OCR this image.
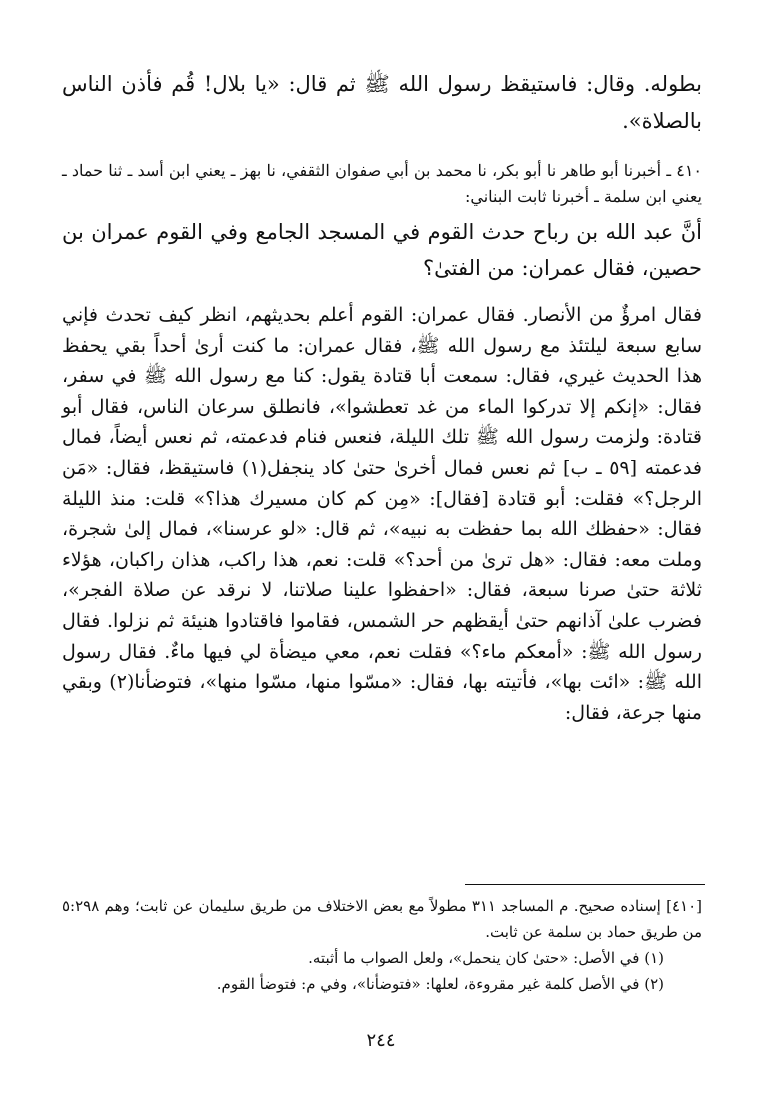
بطوله. وقال: فاستيقظ رسول الله ﷺ ثم قال: «يا بلال! قُم فأذن الناس بالصلاة».

٤١٠ ـ أخبرنا أبو طاهر نا أبو بكر، نا محمد بن أبي صفوان الثقفي، نا بهز ـ يعني ابن أسد ـ ثنا حماد ـ يعني ابن سلمة ـ أخبرنا ثابت البناني:

أنَّ عبد الله بن رباح حدث القوم في المسجد الجامع وفي القوم عمران بن حصين، فقال عمران: من الفتىٰ؟

فقال امرؤٌ من الأنصار. فقال عمران: القوم أعلم بحديثهم، انظر كيف تحدث فإني سابع سبعة ليلتئذ مع رسول الله ﷺ، فقال عمران: ما كنت أرىٰ أحداً بقي يحفظ هذا الحديث غيري، فقال: سمعت أبا قتادة يقول: كنا مع رسول الله ﷺ في سفر، فقال: «إنكم إلا تدركوا الماء من غد تعطشوا»، فانطلق سرعان الناس، فقال أبو قتادة: ولزمت رسول الله ﷺ تلك الليلة، فنعس فنام فدعمته، ثم نعس أيضاً، فمال فدعمته [٥٩ ـ ب] ثم نعس فمال أخرىٰ حتىٰ كاد ينجفل(١) فاستيقظ، فقال: «مَن الرجل؟» فقلت: أبو قتادة [فقال]: «مِن كم كان مسيرك هذا؟» قلت: منذ الليلة فقال: «حفظك الله بما حفظت به نبيه»، ثم قال: «لو عرسنا»، فمال إلىٰ شجرة، وملت معه: فقال: «هل ترىٰ من أحد؟» قلت: نعم، هذا راكب، هذان راكبان، هؤلاء ثلاثة حتىٰ صرنا سبعة، فقال: «احفظوا علينا صلاتنا، لا نرقد عن صلاة الفجر»، فضرب علىٰ آذانهم حتىٰ أيقظهم حر الشمس، فقاموا فاقتادوا هنيئة ثم نزلوا. فقال رسول الله ﷺ: «أمعكم ماء؟» فقلت نعم، معي ميضأة لي فيها ماءٌ. فقال رسول الله ﷺ: «ائت بها»، فأتيته بها، فقال: «مسّوا منها، مسّوا منها»، فتوضأنا(٢) وبقي منها جرعة، فقال:

[٤١٠] إسناده صحيح. م المساجد ٣١١ مطولاً مع بعض الاختلاف من طريق سليمان عن ثابت؛ وهم ٥:٢٩٨ من طريق حماد بن سلمة عن ثابت.

(١) في الأصل: «حتىٰ كان ينحمل»، ولعل الصواب ما أثبته.

(٢) في الأصل كلمة غير مقروءة، لعلها: «فتوضأنا»، وفي م: فتوضأ القوم.

٢٤٤
